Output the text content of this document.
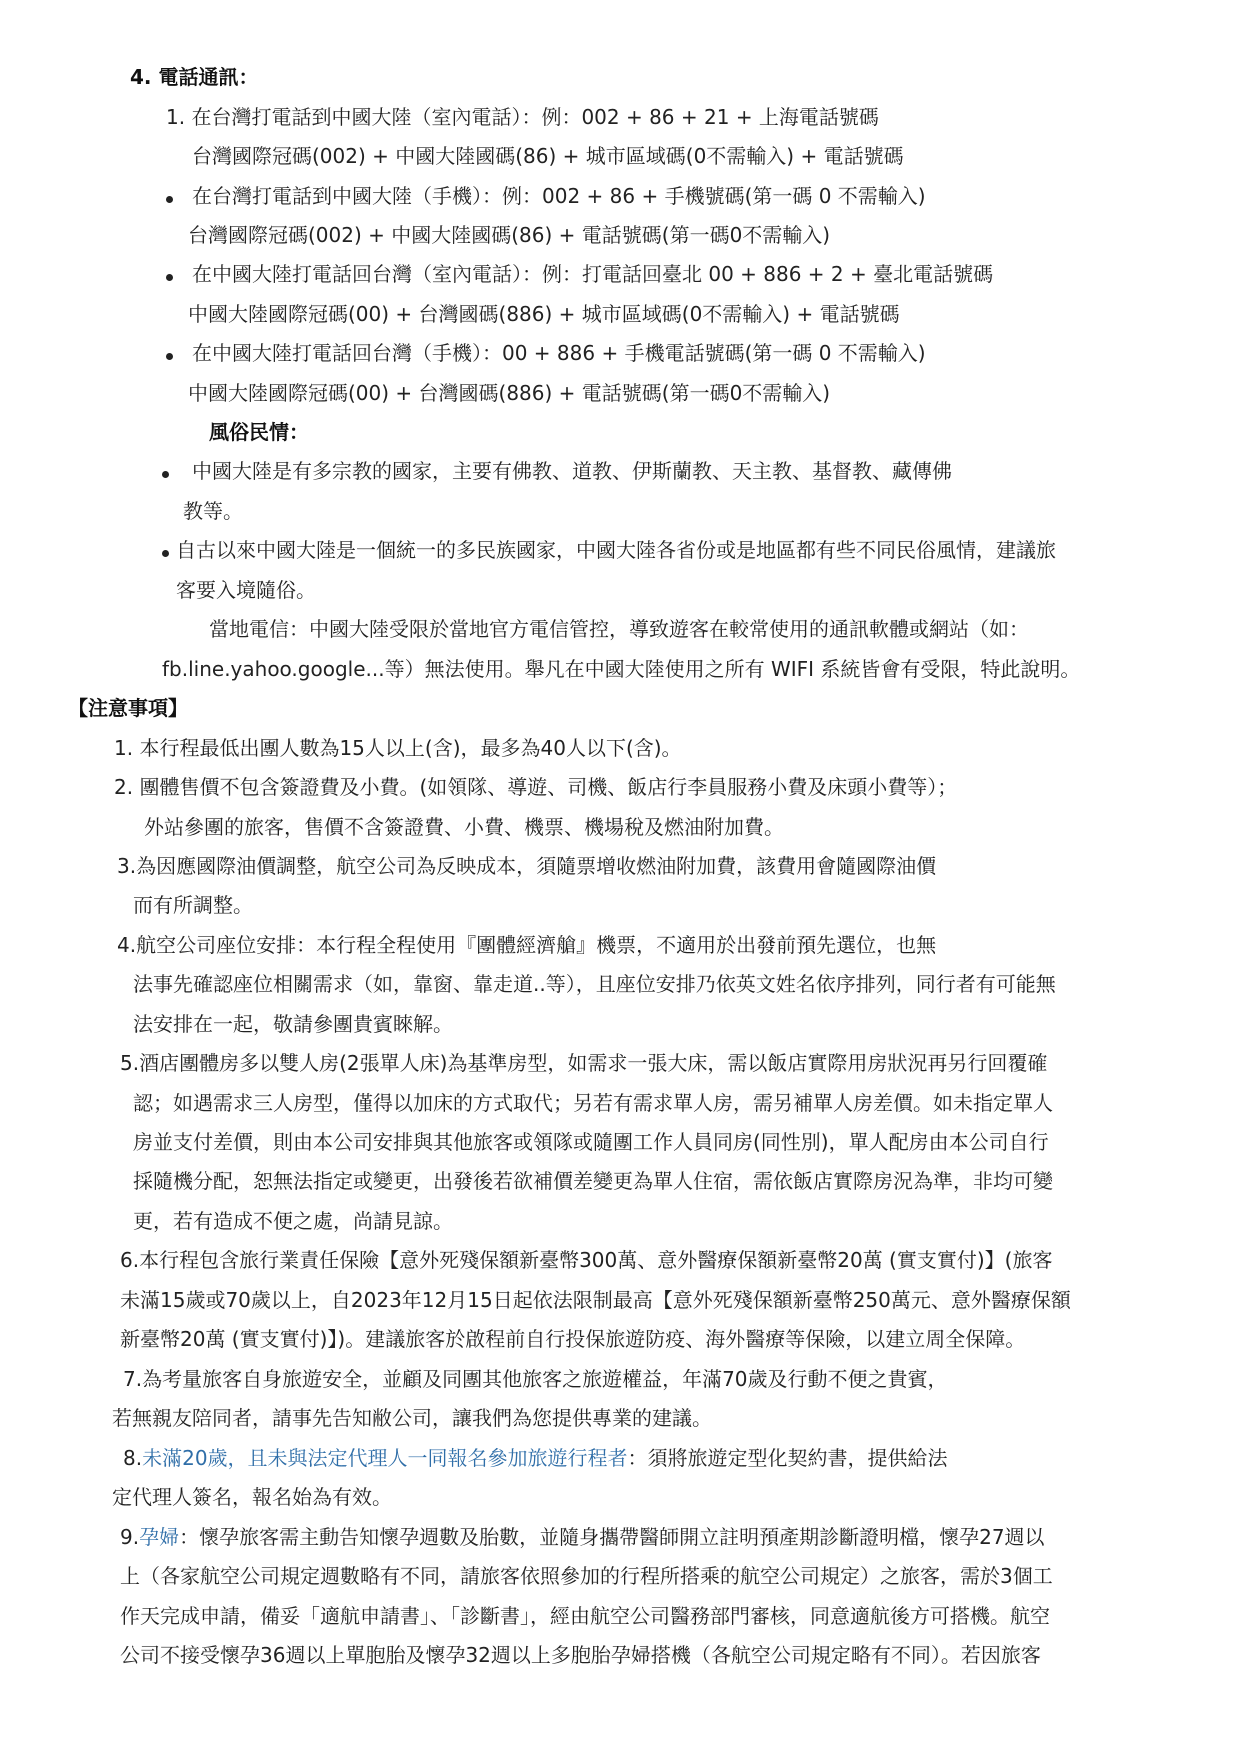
4. 電話通訊：
1. 在台灣打電話到中國大陸（室內電話）：例：002 + 86 + 21 + 上海電話號碼
台灣國際冠碼(002) + 中國大陸國碼(86) + 城市區域碼(0不需輸入) + 電話號碼
在台灣打電話到中國大陸（手機）：例：002 + 86 + 手機號碼(第一碼 0 不需輸入)
台灣國際冠碼(002) + 中國大陸國碼(86) + 電話號碼(第一碼0不需輸入)
在中國大陸打電話回台灣（室內電話）：例：打電話回臺北 00 + 886 + 2 + 臺北電話號碼
中國大陸國際冠碼(00) + 台灣國碼(886) + 城市區域碼(0不需輸入) + 電話號碼
在中國大陸打電話回台灣（手機）：00 + 886 + 手機電話號碼(第一碼 0 不需輸入)
中國大陸國際冠碼(00) + 台灣國碼(886) + 電話號碼(第一碼0不需輸入)
風俗民情：
中國大陸是有多宗教的國家，主要有佛教、道教、伊斯蘭教、天主教、基督教、藏傳佛
教等。
自古以來中國大陸是一個統一的多民族國家，中國大陸各省份或是地區都有些不同民俗風情，建議旅
客要入境隨俗。
當地電信：中國大陸受限於當地官方電信管控，導致遊客在較常使用的通訊軟體或網站（如：
fb.line.yahoo.google...等）無法使用。舉凡在中國大陸使用之所有 WIFI 系統皆會有受限，特此說明。
【注意事項】
1. 本行程最低出團人數為15人以上(含)，最多為40人以下(含)。
2. 團體售價不包含簽證費及小費。(如領隊、導遊、司機、飯店行李員服務小費及床頭小費等）；
外站參團的旅客，售價不含簽證費、小費、機票、機場稅及燃油附加費。
3.為因應國際油價調整，航空公司為反映成本，須隨票增收燃油附加費，該費用會隨國際油價
而有所調整。
4.航空公司座位安排：本行程全程使用『團體經濟艙』機票，不適用於出發前預先選位，也無
法事先確認座位相關需求（如，靠窗、靠走道..等），且座位安排乃依英文姓名依序排列，同行者有可能無
法安排在一起，敬請參團貴賓睞解。
5.酒店團體房多以雙人房(2張單人床)為基準房型，如需求一張大床，需以飯店實際用房狀況再另行回覆確
認；如遇需求三人房型，僅得以加床的方式取代；另若有需求單人房，需另補單人房差價。如未指定單人
房並支付差價，則由本公司安排與其他旅客或領隊或隨團工作人員同房(同性別)，單人配房由本公司自行
採隨機分配，恕無法指定或變更，出發後若欲補價差變更為單人住宿，需依飯店實際房況為準，非均可變
更，若有造成不便之處，尚請見諒。
6.本行程包含旅行業責任保險【意外死殘保額新臺幣300萬、意外醫療保額新臺幣20萬 (實支實付)】(旅客
未滿15歲或70歲以上，自2023年12月15日起依法限制最高【意外死殘保額新臺幣250萬元、意外醫療保額
新臺幣20萬 (實支實付)】)。建議旅客於啟程前自行投保旅遊防疫、海外醫療等保險，以建立周全保障。
7.為考量旅客自身旅遊安全，並顧及同團其他旅客之旅遊權益，年滿70歲及行動不便之貴賓，
若無親友陪同者，請事先告知敝公司，讓我們為您提供專業的建議。
8.未滿20歲，且未與法定代理人一同報名參加旅遊行程者：須將旅遊定型化契約書，提供給法
定代理人簽名，報名始為有效。
9.孕婦：懷孕旅客需主動告知懷孕週數及胎數，並隨身攜帶醫師開立註明預產期診斷證明檔，懷孕27週以
上（各家航空公司規定週數略有不同，請旅客依照參加的行程所搭乘的航空公司規定）之旅客，需於3個工
作天完成申請，備妥「適航申請書」、「診斷書」，經由航空公司醫務部門審核，同意適航後方可搭機。航空
公司不接受懷孕36週以上單胞胎及懷孕32週以上多胞胎孕婦搭機（各航空公司規定略有不同）。若因旅客
